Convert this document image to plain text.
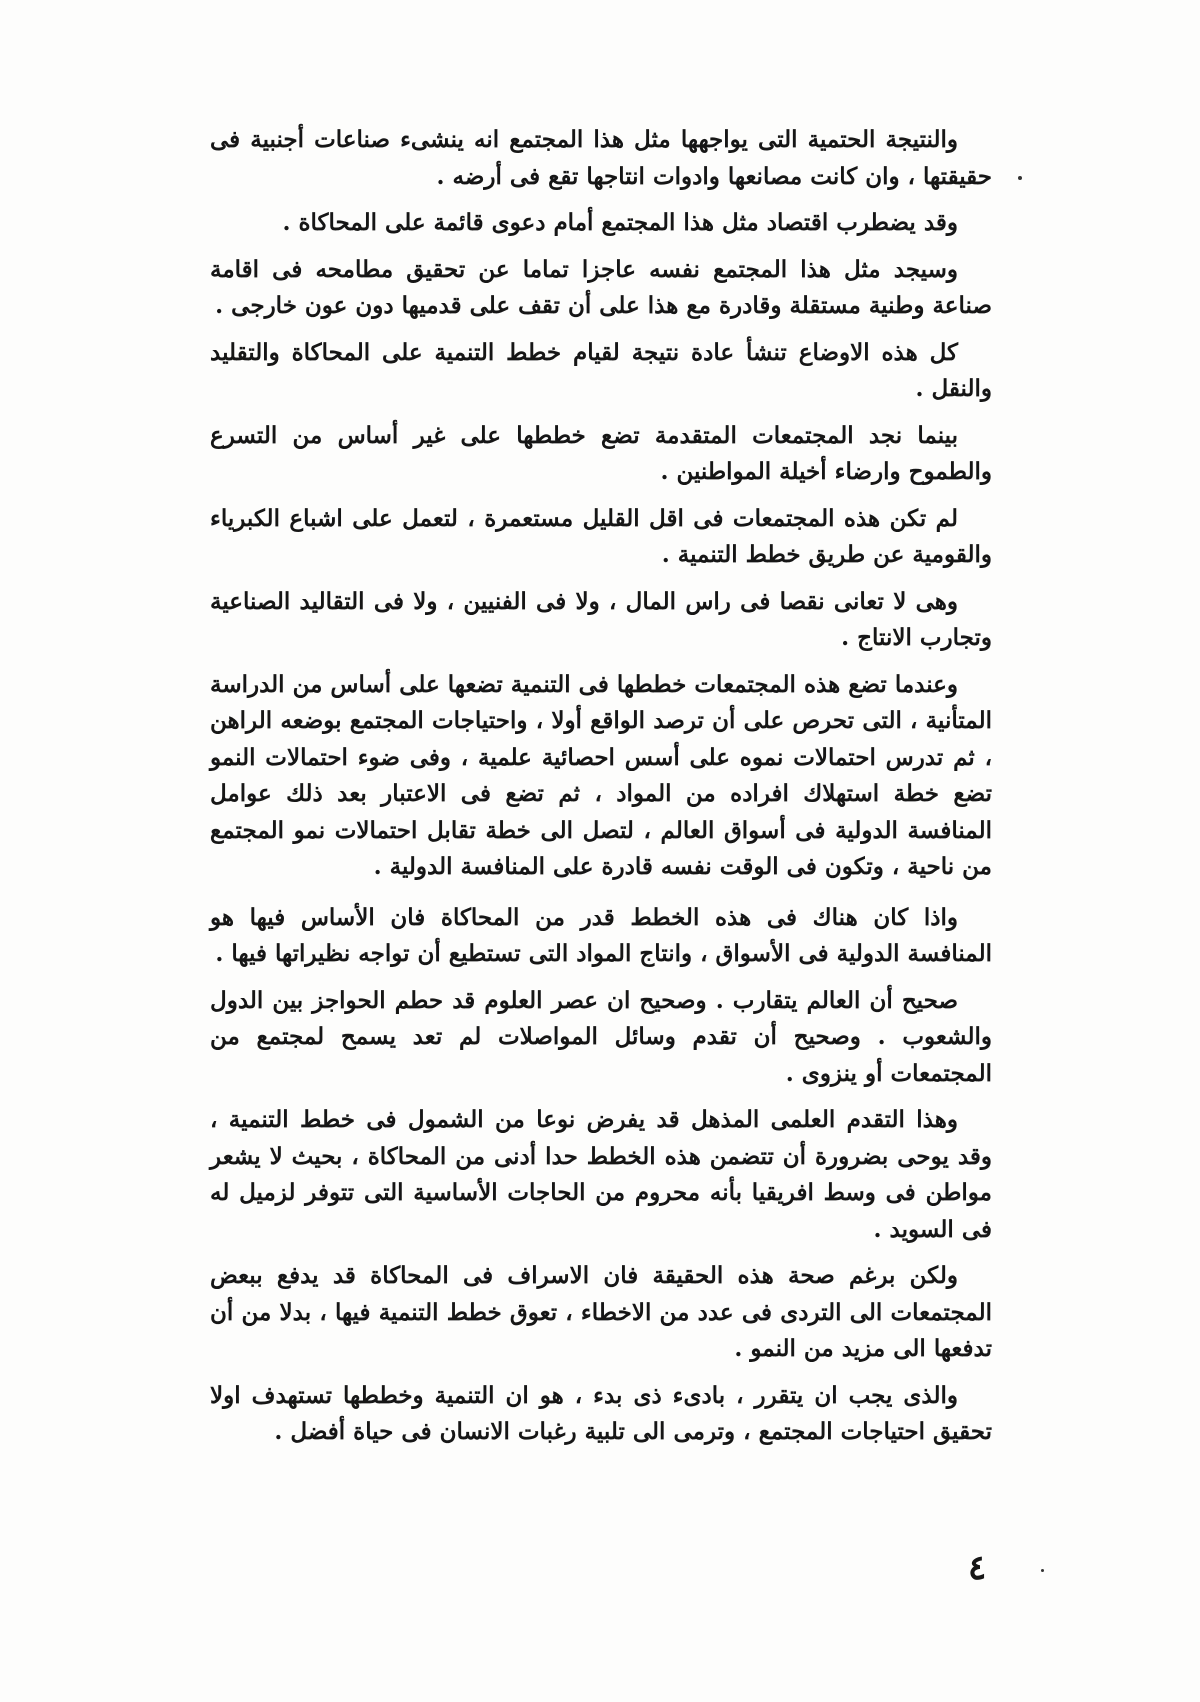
والنتيجة الحتمية التى يواجهها مثل هذا المجتمع انه ينشىء صناعات أجنبية فى حقيقتها ، وان كانت مصانعها وادوات انتاجها تقع فى أرضه .

وقد يضطرب اقتصاد مثل هذا المجتمع أمام دعوى قائمة على المحاكاة .

وسيجد مثل هذا المجتمع نفسه عاجزا تماما عن تحقيق مطامحه فى اقامة صناعة وطنية مستقلة وقادرة مع هذا على أن تقف على قدميها دون عون خارجى .

كل هذه الاوضاع تنشأ عادة نتيجة لقيام خطط التنمية على المحاكاة والتقليد والنقل .

بينما نجد المجتمعات المتقدمة تضع خططها على غير أساس من التسرع والطموح وارضاء أخيلة المواطنين .

لم تكن هذه المجتمعات فى اقل القليل مستعمرة ، لتعمل على اشباع الكبرياء والقومية عن طريق خطط التنمية .

وهى لا تعانى نقصا فى راس المال ، ولا فى الفنيين ، ولا فى التقاليد الصناعية وتجارب الانتاج .

وعندما تضع هذه المجتمعات خططها فى التنمية تضعها على أساس من الدراسة المتأنية ، التى تحرص على أن ترصد الواقع أولا ، واحتياجات المجتمع بوضعه الراهن ، ثم تدرس احتمالات نموه على أسس احصائية علمية ، وفى ضوء احتمالات النمو تضع خطة استهلاك افراده من المواد ، ثم تضع فى الاعتبار بعد ذلك عوامل المنافسة الدولية فى أسواق العالم ، لتصل الى خطة تقابل احتمالات نمو المجتمع من ناحية ، وتكون فى الوقت نفسه قادرة على المنافسة الدولية .

واذا كان هناك فى هذه الخطط قدر من المحاكاة فان الأساس فيها هو المنافسة الدولية فى الأسواق ، وانتاج المواد التى تستطيع أن تواجه نظيراتها فيها .

صحيح أن العالم يتقارب . وصحيح ان عصر العلوم قد حطم الحواجز بين الدول والشعوب . وصحيح أن تقدم وسائل المواصلات لم تعد يسمح لمجتمع من المجتمعات أو ينزوى .

وهذا التقدم العلمى المذهل قد يفرض نوعا من الشمول فى خطط التنمية ، وقد يوحى بضرورة أن تتضمن هذه الخطط حدا أدنى من المحاكاة ، بحيث لا يشعر مواطن فى وسط افريقيا بأنه محروم من الحاجات الأساسية التى تتوفر لزميل له فى السويد .

ولكن برغم صحة هذه الحقيقة فان الاسراف فى المحاكاة قد يدفع ببعض المجتمعات الى التردى فى عدد من الاخطاء ، تعوق خطط التنمية فيها ، بدلا من أن تدفعها الى مزيد من النمو .

والذى يجب ان يتقرر ، بادىء ذى بدء ، هو ان التنمية وخططها تستهدف اولا تحقيق احتياجات المجتمع ، وترمى الى تلبية رغبات الانسان فى حياة أفضل .

٤
